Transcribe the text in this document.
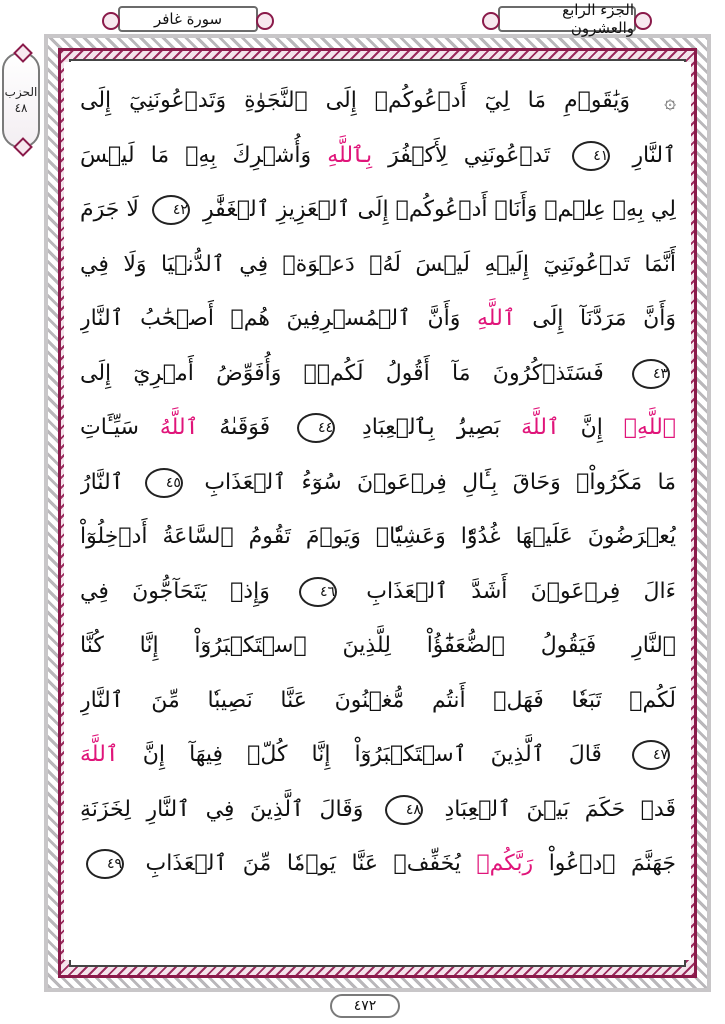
سورة غافر	الجزء الرابع والعشرون
الحزب
٤٨	۞ وَيَٰقَوۡمِ مَا لِيٓ أَدۡعُوكُمۡ إِلَى ٱلنَّجَوٰةِ وَتَدۡعُونَنِيٓ إِلَى
ٱلنَّارِ ٤١ تَدۡعُونَنِي لِأَكۡفُرَ بِٱللَّهِ وَأُشۡرِكَ بِهِۦ مَا لَيۡسَ
لِي بِهِۦ عِلۡمٞ وَأَنَا۠ أَدۡعُوكُمۡ إِلَى ٱلۡعَزِيزِ ٱلۡغَفَّٰرِ ٤٢ لَا جَرَمَ
أَنَّمَا تَدۡعُونَنِيٓ إِلَيۡهِ لَيۡسَ لَهُۥ دَعۡوَةٞ فِي ٱلدُّنۡيَا وَلَا فِي
وَأَنَّ مَرَدَّنَآ إِلَى ٱللَّهِ وَأَنَّ ٱلۡمُسۡرِفِينَ هُمۡ أَصۡحَٰبُ ٱلنَّارِ
٤٣ فَسَتَذۡكُرُونَ مَآ أَقُولُ لَكُمۡۚ وَأُفَوِّضُ أَمۡرِيٓ إِلَى
ٱللَّهِۚ إِنَّ ٱللَّهَ بَصِيرُۢ بِٱلۡعِبَادِ ٤٤ فَوَقَىٰهُ ٱللَّهُ سَيِّـَٔاتِ
مَا مَكَرُواْۖ وَحَاقَ بِـَٔالِ فِرۡعَوۡنَ سُوٓءُ ٱلۡعَذَابِ ٤٥ ٱلنَّارُ
يُعۡرَضُونَ عَلَيۡهَا غُدُوّٗا وَعَشِيّٗاۚ وَيَوۡمَ تَقُومُ ٱلسَّاعَةُ أَدۡخِلُوٓاْ
ءَالَ فِرۡعَوۡنَ أَشَدَّ ٱلۡعَذَابِ ٤٦ وَإِذۡ يَتَحَآجُّونَ فِي
ٱلنَّارِ فَيَقُولُ ٱلضُّعَفَٰٓؤُاْ لِلَّذِينَ ٱسۡتَكۡبَرُوٓاْ إِنَّا كُنَّا
لَكُمۡ تَبَعٗا فَهَلۡ أَنتُم مُّغۡنُونَ عَنَّا نَصِيبٗا مِّنَ ٱلنَّارِ
٤٧ قَالَ ٱلَّذِينَ ٱسۡتَكۡبَرُوٓاْ إِنَّا كُلّٞ فِيهَآ إِنَّ ٱللَّهَ
قَدۡ حَكَمَ بَيۡنَ ٱلۡعِبَادِ ٤٨ وَقَالَ ٱلَّذِينَ فِي ٱلنَّارِ لِخَزَنَةِ
جَهَنَّمَ ٱدۡعُواْ رَبَّكُمۡ يُخَفِّفۡ عَنَّا يَوۡمٗا مِّنَ ٱلۡعَذَابِ ٤٩
٤٧٢
